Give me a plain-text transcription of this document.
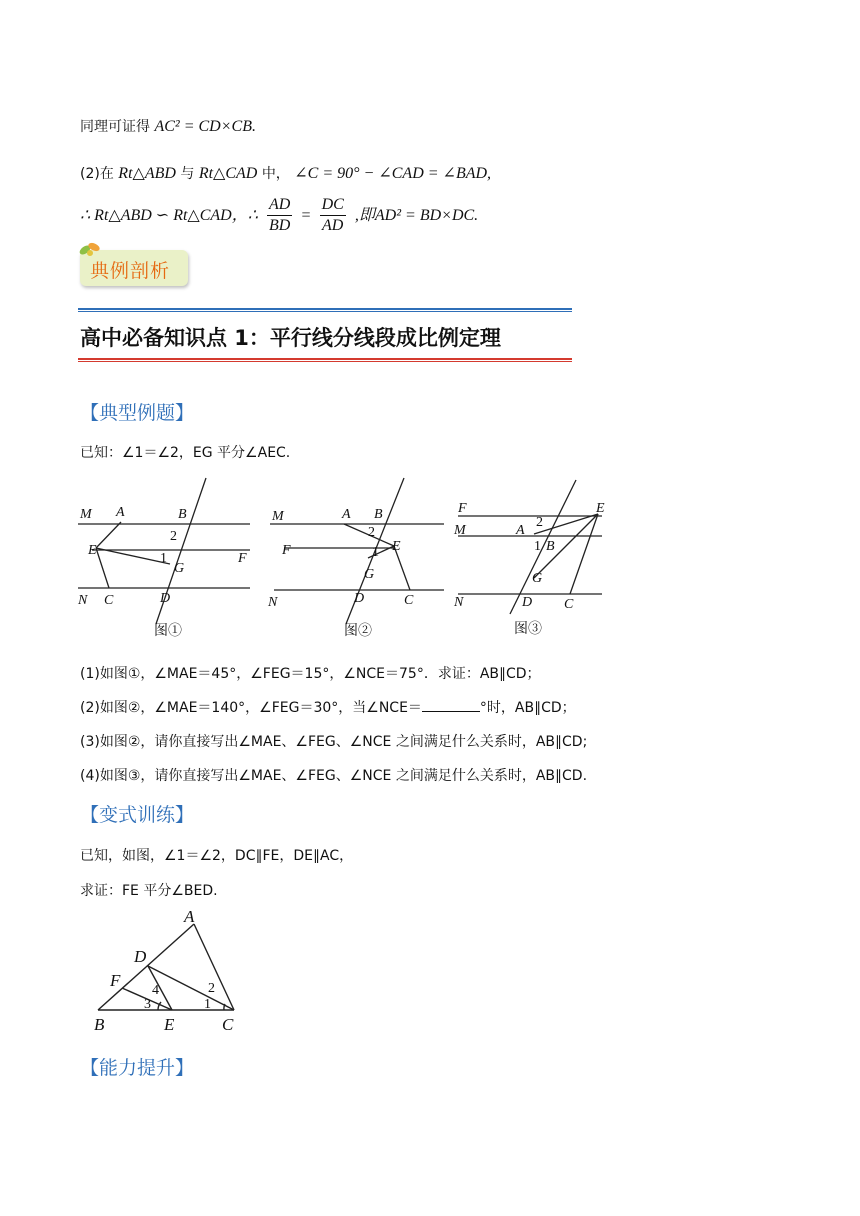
同理可证得 AC² = CD×CB.
(2)在 Rt△ABD 与 Rt△CAD 中， ∠C = 90° − ∠CAD = ∠BAD,
∴ Rt△ABD ∽ Rt△CAD，∴ $\frac{AD}{BD} = \frac{DC}{AD}$ ,即AD² = BD×DC.
典例剖析
高中必备知识点 1：平行线分线段成比例定理
【典型例题】
已知：∠1＝∠2，EG 平分∠AEC.
M A	B
2
E
1
G
F
N C	D
M	A B
2
F	1 E
G
N	D	C
F	E
M	A
2
1 B
G
N	D C
图①	图②	图③
(1)如图①，∠MAE＝45°，∠FEG＝15°，∠NCE＝75°．求证：AB∥CD；
(2)如图②，∠MAE＝140°，∠FEG＝30°，当∠NCE＝	°时，AB∥CD；
(3)如图②，请你直接写出∠MAE、∠FEG、∠NCE 之间满足什么关系时，AB∥CD;
(4)如图③，请你直接写出∠MAE、∠FEG、∠NCE 之间满足什么关系时，AB∥CD.
【变式训练】
已知，如图，∠1＝∠2，DC∥FE，DE∥AC，
求证：FE 平分∠BED.
A
D
F
4	2
3	1
B	E	C
【能力提升】
